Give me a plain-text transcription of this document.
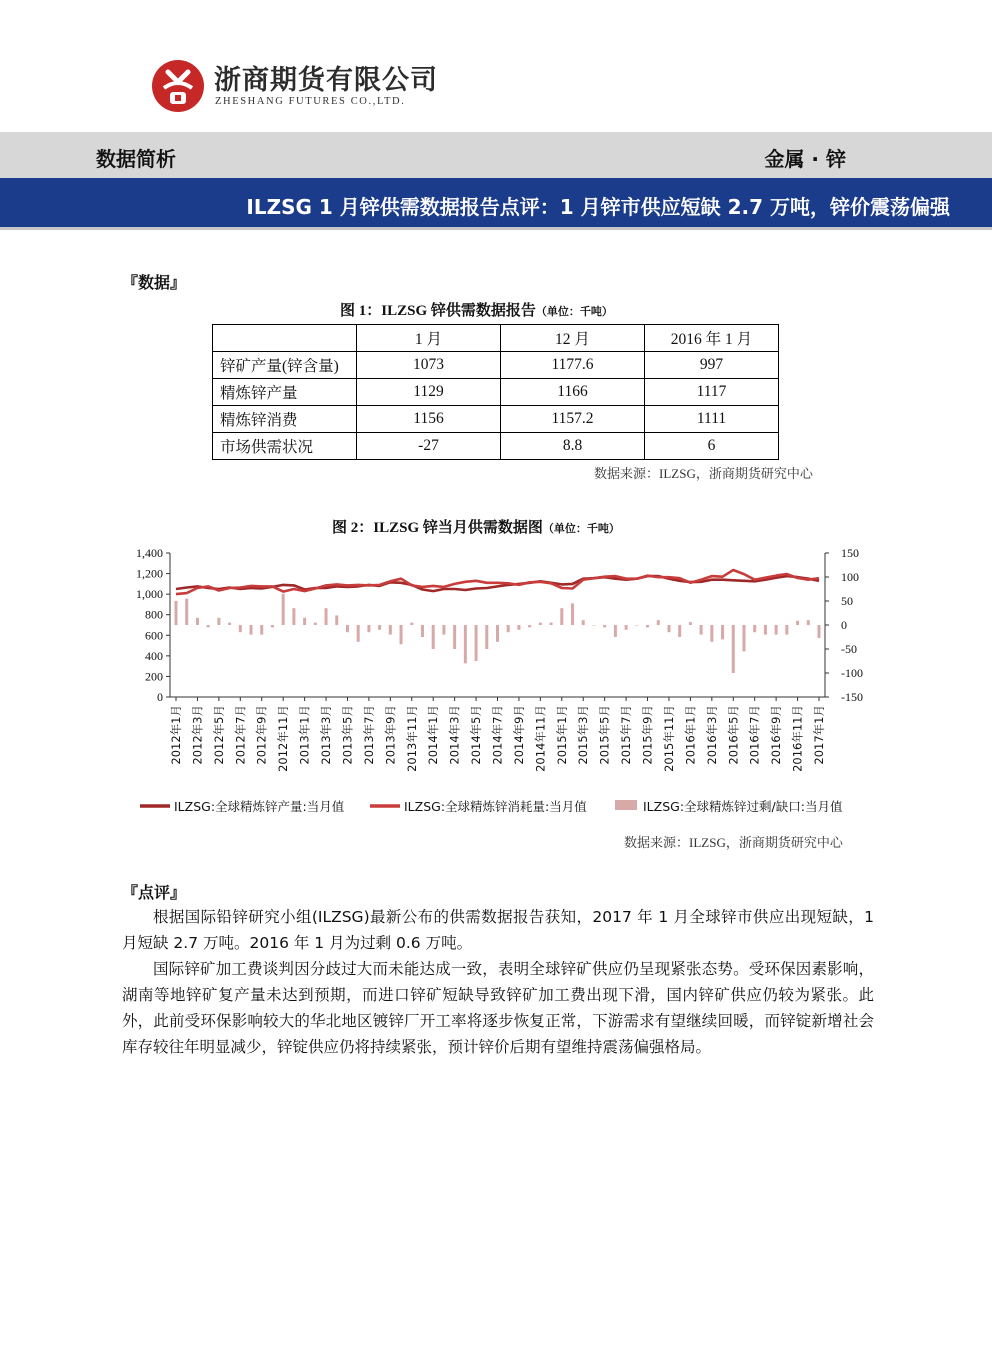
浙商期货有限公司
ZHESHANG FUTURES CO.,LTD.
数据简析	金属 · 锌
ILZSG 1 月锌供需数据报告点评：1 月锌市供应短缺 2.7 万吨，锌价震荡偏强
『数据』
图 1：ILZSG 锌供需数据报告（单位：千吨）
	1 月	12 月	2016 年 1 月
锌矿产量(锌含量)	1073	1177.6	997
精炼锌产量	1129	1166	1117
精炼锌消费	1156	1157.2	1111
市场供需状况	-27	8.8	6
数据来源：ILZSG，浙商期货研究中心
图 2：ILZSG 锌当月供需数据图（单位：千吨）
0
200
400
600
800
1,000
1,200
1,400
-150
-100
-50
0
50
100
150
2012年1月 2012年3月 2012年5月 2012年7月 2012年9月 2012年11月 2013年1月 2013年3月 2013年5月 2013年7月 2013年9月 2013年11月 2014年1月 2014年3月 2014年5月 2014年7月 2014年9月 2014年11月 2015年1月 2015年3月 2015年5月 2015年7月 2015年9月 2015年11月 2016年1月 2016年3月 2016年5月 2016年7月 2016年9月 2016年11月 2017年1月
ILZSG:全球精炼锌产量:当月值	ILZSG:全球精炼锌消耗量:当月值	ILZSG:全球精炼锌过剩/缺口:当月值
数据来源：ILZSG，浙商期货研究中心
『点评』

根据国际铅锌研究小组(ILZSG)最新公布的供需数据报告获知，2017 年 1 月全球锌市供应出现短缺，1 月短缺 2.7 万吨。2016 年 1 月为过剩 0.6 万吨。

国际锌矿加工费谈判因分歧过大而未能达成一致，表明全球锌矿供应仍呈现紧张态势。受环保因素影响，湖南等地锌矿复产量未达到预期，而进口锌矿短缺导致锌矿加工费出现下滑，国内锌矿供应仍较为紧张。此外，此前受环保影响较大的华北地区镀锌厂开工率将逐步恢复正常，下游需求有望继续回暖，而锌锭新增社会库存较往年明显减少，锌锭供应仍将持续紧张，预计锌价后期有望维持震荡偏强格局。
